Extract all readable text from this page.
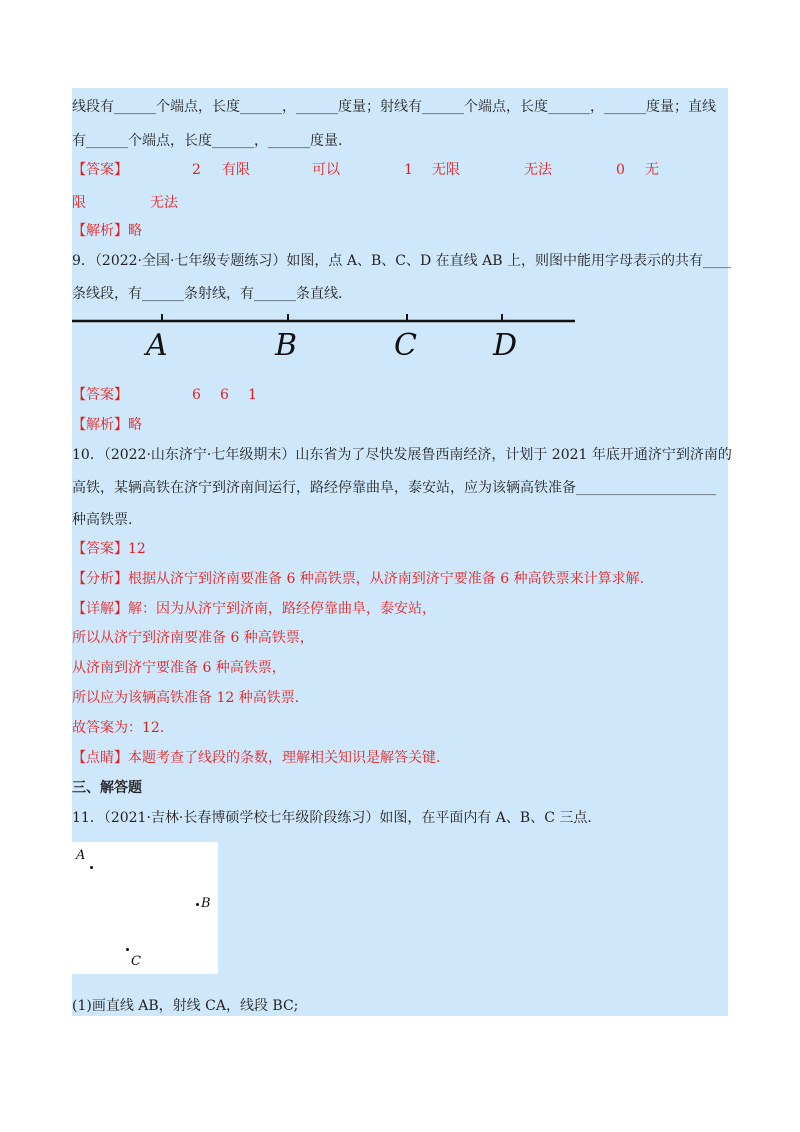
线段有______个端点，长度______，______度量；射线有______个端点，长度______，______度量；直线
有______个端点，长度______，______度量.
【答案】	2 有限	可以	1 无限	无法	0 无
限	无法
【解析】略
9．（2022·全国·七年级专题练习）如图，点 A、B、C、D 在直线 AB 上，则图中能用字母表示的共有____
条线段，有______条射线，有______条直线.
A	B	C	D
【答案】	6 6 1
【解析】略
10．（2022·山东济宁·七年级期末）山东省为了尽快发展鲁西南经济，计划于 2021 年底开通济宁到济南的
高铁，某辆高铁在济宁到济南间运行，路经停靠曲阜，泰安站，应为该辆高铁准备____________________
种高铁票.
【答案】12
【分析】根据从济宁到济南要准备 6 种高铁票，从济南到济宁要准备 6 种高铁票来计算求解.
【详解】解：因为从济宁到济南，路经停靠曲阜，泰安站，
所以从济宁到济南要准备 6 种高铁票，
从济南到济宁要准备 6 种高铁票，
所以应为该辆高铁准备 12 种高铁票.
故答案为：12.
【点睛】本题考查了线段的条数，理解相关知识是解答关键.
三、解答题
11．（2021·吉林·长春博硕学校七年级阶段练习）如图，在平面内有 A、B、C 三点.
A
B
C
(1)画直线 AB，射线 CA，线段 BC;
